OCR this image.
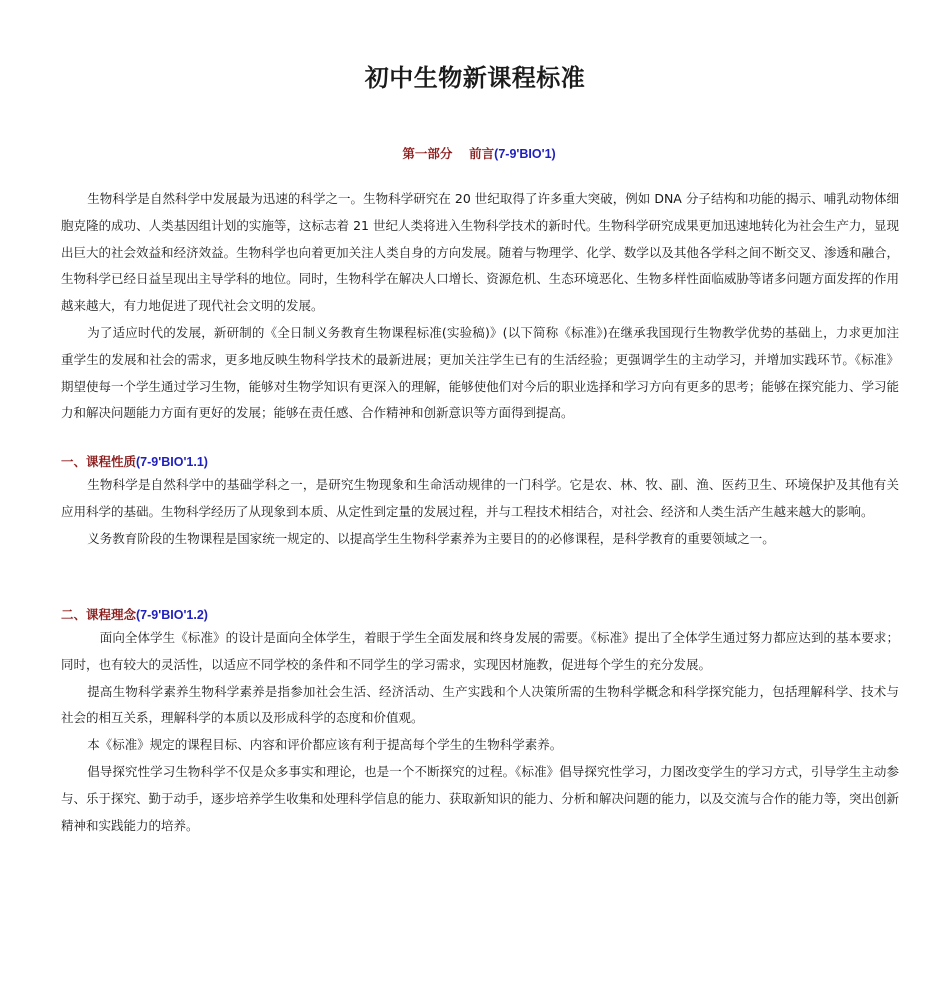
初中生物新课程标准
第一部分　 前言(7-9'BIO'1)

生物科学是自然科学中发展最为迅速的科学之一。生物科学研究在 20 世纪取得了许多重大突破，例如 DNA 分子结构和功能的揭示、哺乳动物体细胞克隆的成功、人类基因组计划的实施等，这标志着 21 世纪人类将进入生物科学技术的新时代。生物科学研究成果更加迅速地转化为社会生产力，显现出巨大的社会效益和经济效益。生物科学也向着更加关注人类自身的方向发展。随着与物理学、化学、数学以及其他各学科之间不断交叉、渗透和融合，生物科学已经日益呈现出主导学科的地位。同时，生物科学在解决人口增长、资源危机、生态环境恶化、生物多样性面临威胁等诸多问题方面发挥的作用越来越大，有力地促进了现代社会文明的发展。

为了适应时代的发展，新研制的《全日制义务教育生物课程标准(实验稿)》(以下简称《标准》)在继承我国现行生物教学优势的基础上，力求更加注重学生的发展和社会的需求，更多地反映生物科学技术的最新进展；更加关注学生已有的生活经验；更强调学生的主动学习，并增加实践环节。《标准》期望使每一个学生通过学习生物，能够对生物学知识有更深入的理解，能够使他们对今后的职业选择和学习方向有更多的思考；能够在探究能力、学习能力和解决问题能力方面有更好的发展；能够在责任感、合作精神和创新意识等方面得到提高。

一、课程性质(7-9'BIO'1.1)

生物科学是自然科学中的基础学科之一，是研究生物现象和生命活动规律的一门科学。它是农、林、牧、副、渔、医药卫生、环境保护及其他有关应用科学的基础。生物科学经历了从现象到本质、从定性到定量的发展过程，并与工程技术相结合，对社会、经济和人类生活产生越来越大的影响。

义务教育阶段的生物课程是国家统一规定的、以提高学生生物科学素养为主要目的的必修课程，是科学教育的重要领域之一。

二、课程理念(7-9'BIO'1.2)

面向全体学生《标准》的设计是面向全体学生，着眼于学生全面发展和终身发展的需要。《标准》提出了全体学生通过努力都应达到的基本要求；同时，也有较大的灵活性，以适应不同学校的条件和不同学生的学习需求，实现因材施教，促进每个学生的充分发展。

提高生物科学素养生物科学素养是指参加社会生活、经济活动、生产实践和个人决策所需的生物科学概念和科学探究能力，包括理解科学、技术与社会的相互关系，理解科学的本质以及形成科学的态度和价值观。

本《标准》规定的课程目标、内容和评价都应该有利于提高每个学生的生物科学素养。

倡导探究性学习生物科学不仅是众多事实和理论，也是一个不断探究的过程。《标准》倡导探究性学习，力图改变学生的学习方式，引导学生主动参与、乐于探究、勤于动手，逐步培养学生收集和处理科学信息的能力、获取新知识的能力、分析和解决问题的能力，以及交流与合作的能力等，突出创新精神和实践能力的培养。
